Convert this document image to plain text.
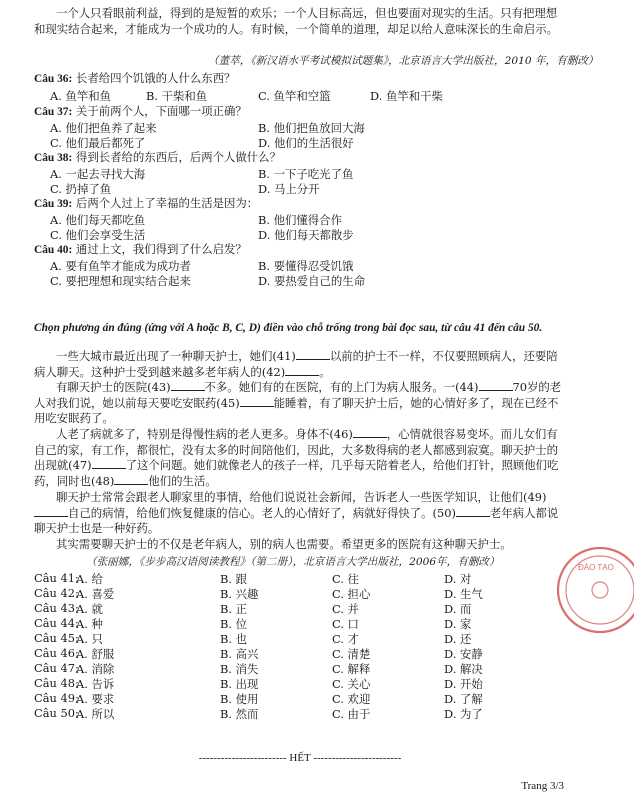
一个人只看眼前利益，得到的是短暂的欢乐；一个人目标高远，但也要面对现实的生活。只有把理想和现实结合起来，才能成为一个成功的人。有时候，一个简单的道理，却足以给人意味深长的生命启示。

（董萃，《新汉语水平考试模拟试题集》，北京语言大学出版社，2010 年，有删改）
Câu 36: 长者给四个饥饿的人什么东西？
A. 鱼竿和鱼	B. 干柴和鱼	C. 鱼竿和空篮	D. 鱼竿和干柴
Câu 37: 关于前两个人，下面哪一项正确？
A. 他们把鱼养了起来	B. 他们把鱼放回大海
C. 他们最后都死了	D. 他们的生活很好
Câu 38: 得到长者给的东西后，后两个人做什么？
A. 一起去寻找大海	B. 一下子吃光了鱼
C. 扔掉了鱼	D. 马上分开
Câu 39: 后两个人过上了幸福的生活是因为：
A. 他们每天都吃鱼	B. 他们懂得合作
C. 他们会享受生活	D. 他们每天都散步
Câu 40: 通过上文，我们得到了什么启发？
A. 要有鱼竿才能成为成功者	B. 要懂得忍受饥饿
C. 要把理想和现实结合起来	D. 要热爱自己的生命

Chọn phương án đúng (ứng với A hoặc B, C, D) điền vào chỗ trống trong bài đọc sau, từ câu 41 đến câu 50.

一些大城市最近出现了一种聊天护士，她们(41)	以前的护士不一样，不仅要照顾病人，还要陪病人聊天。这种护士受到越来越多老年病人的(42)	。

有聊天护士的医院(43)	不多。她们有的在医院，有的上门为病人服务。一(44)	70岁的老人对我们说，她以前每天要吃安眠药(45)	能睡着，有了聊天护士后，她的心情好多了，现在已经不用吃安眠药了。

人老了病就多了，特别是得慢性病的老人更多。身体不(46)	，心情就很容易变坏。而儿女们有自己的家，有工作，都很忙，没有太多的时间陪他们，因此，大多数得病的老人都感到寂寞。聊天护士的出现就(47)	了这个问题。她们就像老人的孩子一样，几乎每天陪着老人，给他们打针，照顾他们吃药，同时也(48)	他们的生活。

聊天护士常常会跟老人聊家里的事情，给他们说说社会新闻，告诉老人一些医学知识，让他们(49)自己的病情，给他们恢复健康的信心。老人的心情好了，病就好得快了。(50)	老年病人都说聊天护士也是一种好药。

其实需要聊天护士的不仅是老年病人，别的病人也需要。希望更多的医院有这种聊天护士。

（张丽娜，《步步高汉语阅读教程》（第二册），北京语言大学出版社，2006年，有删改）
Câu 41:
A. 给	B. 跟	C. 往	D. 对
Câu 42:
A. 喜爱	B. 兴趣	C. 担心	D. 生气
Câu 43:
A. 就	B. 正	C. 并	D. 而
Câu 44:
A. 种	B. 位	C. 口	D. 家
Câu 45:
A. 只	B. 也	C. 才	D. 还
Câu 46:
A. 舒服	B. 高兴	C. 清楚	D. 安静
Câu 47:
A. 消除	B. 消失	C. 解释	D. 解决
Câu 48:
A. 告诉	B. 出现	C. 关心	D. 开始
Câu 49:
A. 要求	B. 使用	C. 欢迎	D. 了解
Câu 50:
A. 所以	B. 然而	C. 由于	D. 为了
ĐÀO TẠO
------------------------ HẾT ------------------------
Trang 3/3
